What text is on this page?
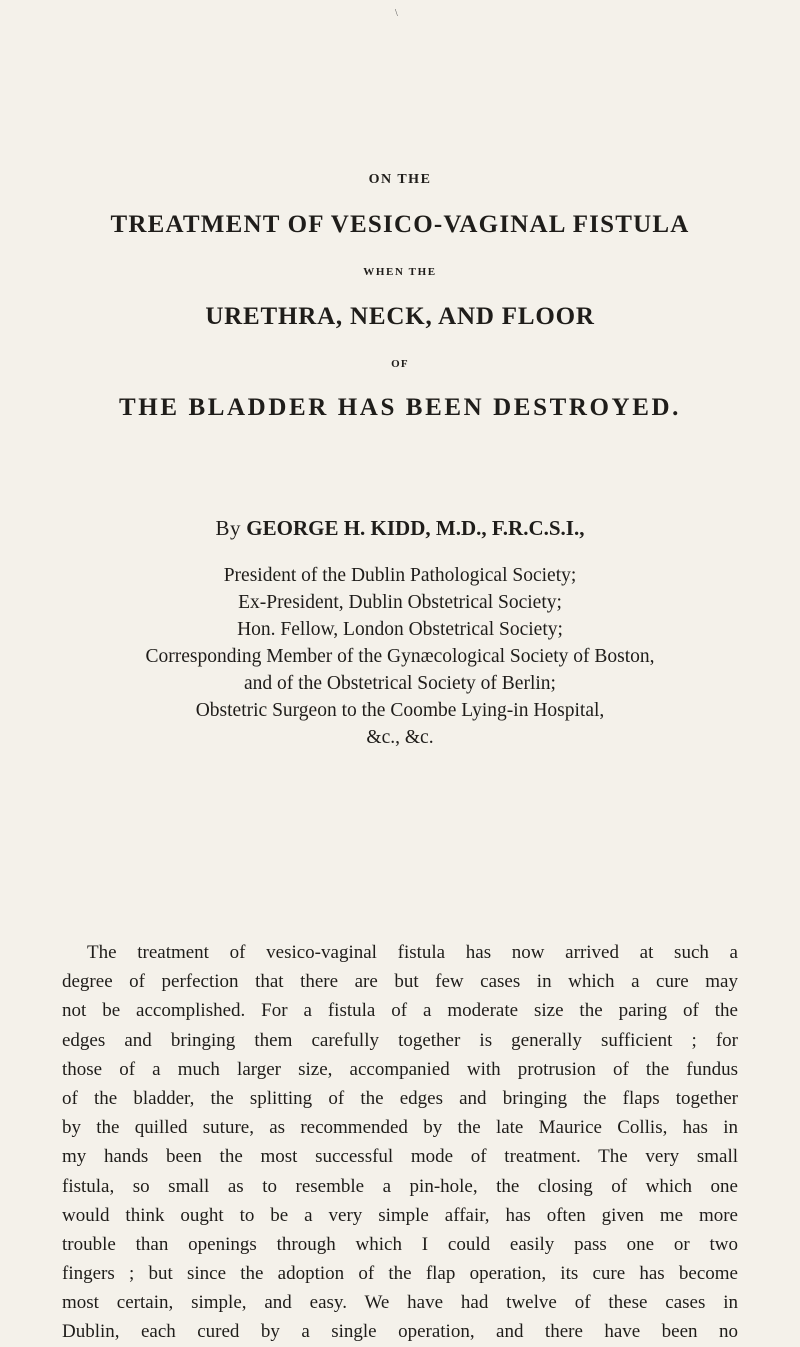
\
ON THE
TREATMENT OF VESICO-VAGINAL FISTULA
WHEN THE
URETHRA, NECK, AND FLOOR
OF
THE BLADDER HAS BEEN DESTROYED.
By GEORGE H. KIDD, M.D., F.R.C.S.I.,
President of the Dublin Pathological Society;
Ex-President, Dublin Obstetrical Society;
Hon. Fellow, London Obstetrical Society;
Corresponding Member of the Gynæcological Society of Boston,
and of the Obstetrical Society of Berlin;
Obstetric Surgeon to the Coombe Lying-in Hospital,
&c., &c.
The treatment of vesico-vaginal fistula has now arrived at such a
degree of perfection that there are but few cases in which a cure may
not be accomplished. For a fistula of a moderate size the paring of the
edges and bringing them carefully together is generally sufficient ; for
those of a much larger size, accompanied with protrusion of the fundus
of the bladder, the splitting of the edges and bringing the flaps together
by the quilled suture, as recommended by the late Maurice Collis, has in
my hands been the most successful mode of treatment. The very small
fistula, so small as to resemble a pin-hole, the closing of which one
would think ought to be a very simple affair, has often given me more
trouble than openings through which I could easily pass one or two
fingers ; but since the adoption of the flap operation, its cure has become
most certain, simple, and easy. We have had twelve of these cases in
Dublin, each cured by a single operation, and there have been no
